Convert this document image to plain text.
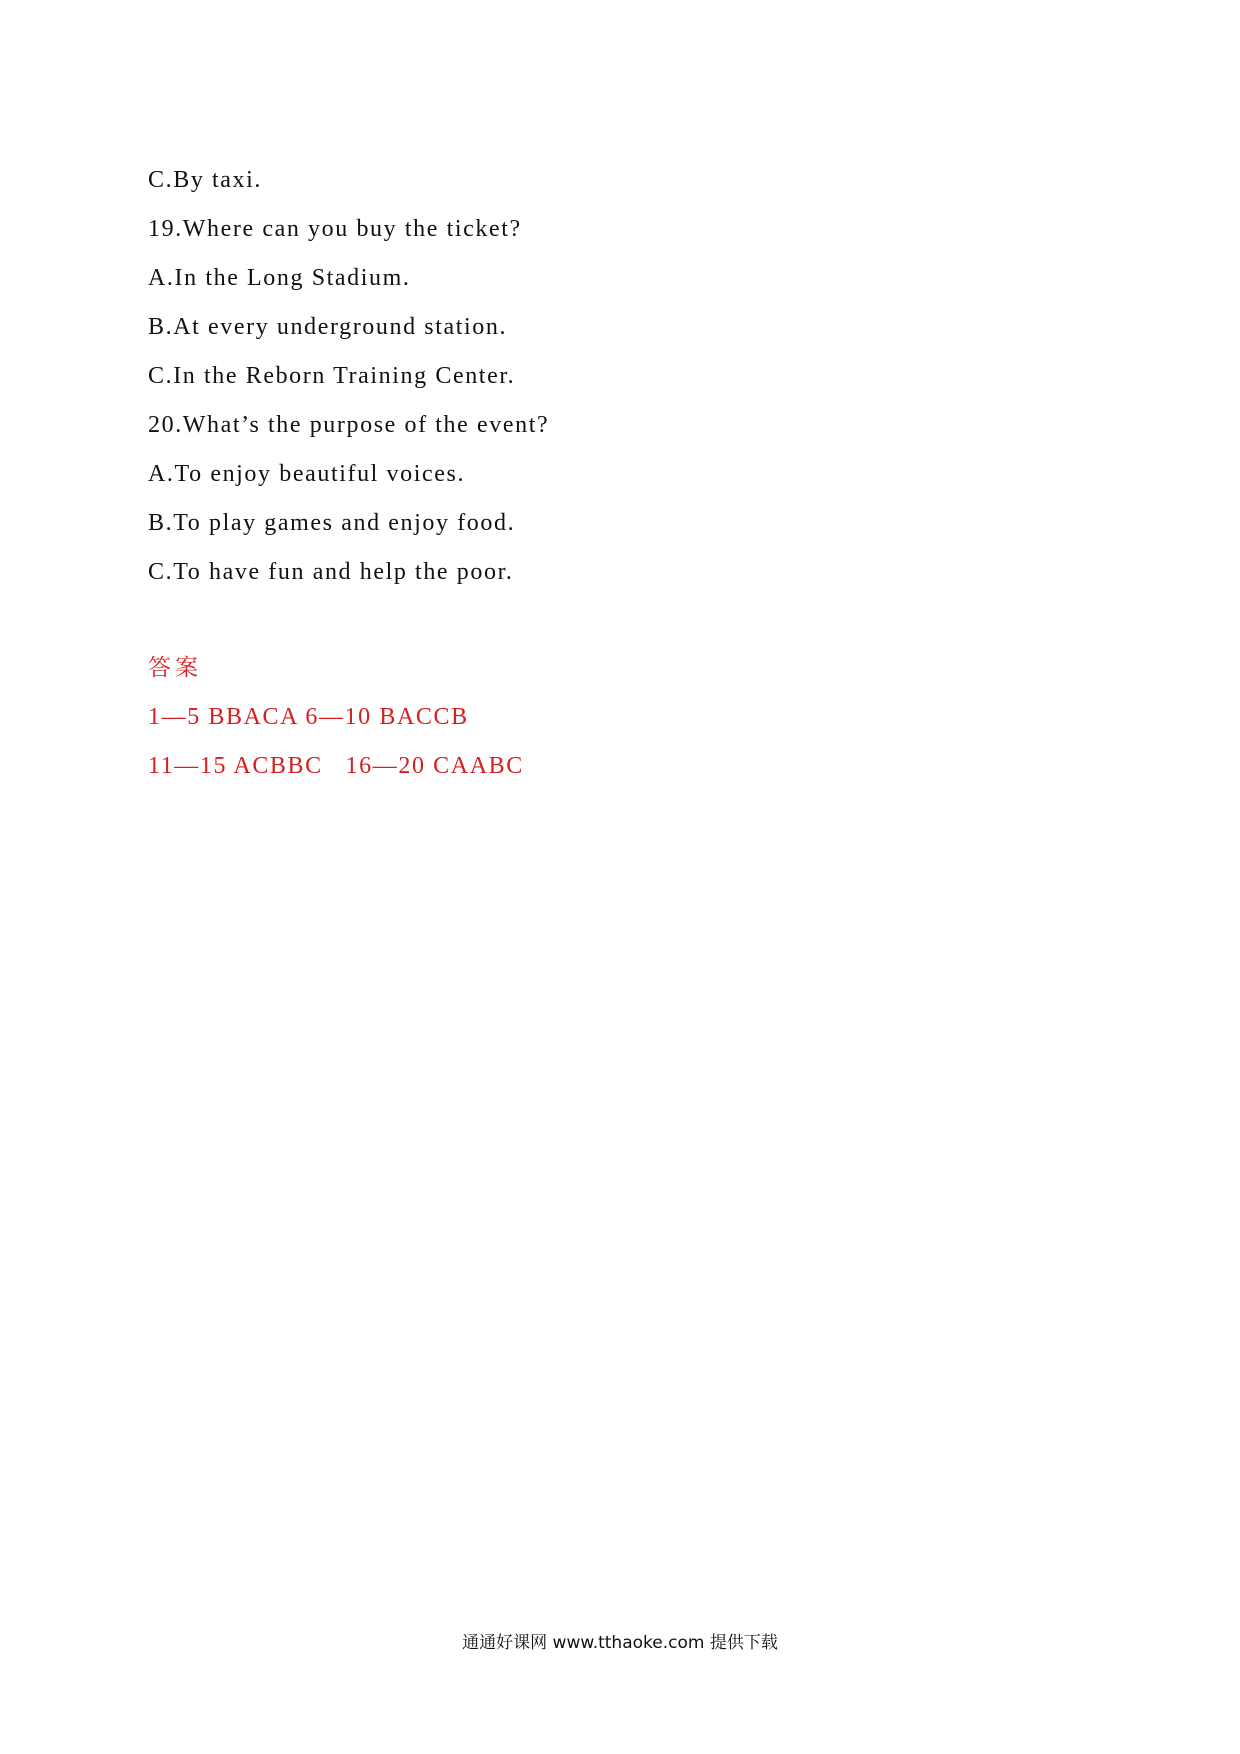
C.By taxi.
19.Where can you buy the ticket?
A.In the Long Stadium.
B.At every underground station.
C.In the Reborn Training Center.
20.What’s the purpose of the event?
A.To enjoy beautiful voices.
B.To play games and enjoy food.
C.To have fun and help the poor.
答案
1—5 BBACA 6—10 BACCB
11—15 ACBBC   16—20 CAABC
通通好课网 www.tthaoke.com 提供下载
